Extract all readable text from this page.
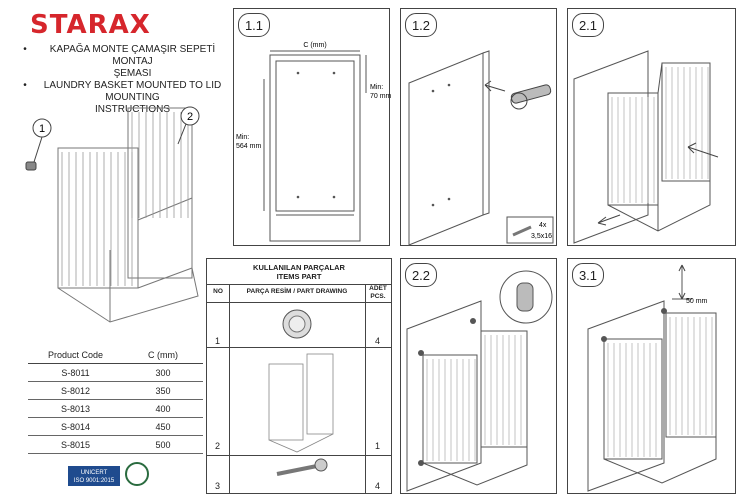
STARAX
•	KAPAĞA MONTE ÇAMAŞIR SEPETİ MONTAJ
ŞEMASI
•	LAUNDRY BASKET MOUNTED TO LID MOUNTING
INSTRUCTIONS
1
2
Product Code	C (mm)
S-8011	300
S-8012	350
S-8013	400
S-8014	450
S-8015	500
UNICERT
ISO 9001:2015
1.1
C (mm)
Min:
70 mm
Min:
564 mm
1.2
4x
3,5x16
2.1
KULLANILAN PARÇALAR
ITEMS PART
NO	PARÇA RESİM / PART DRAWING	ADET
PCS.
1	4
2	1
3	4
2.2	3.1
50 mm
